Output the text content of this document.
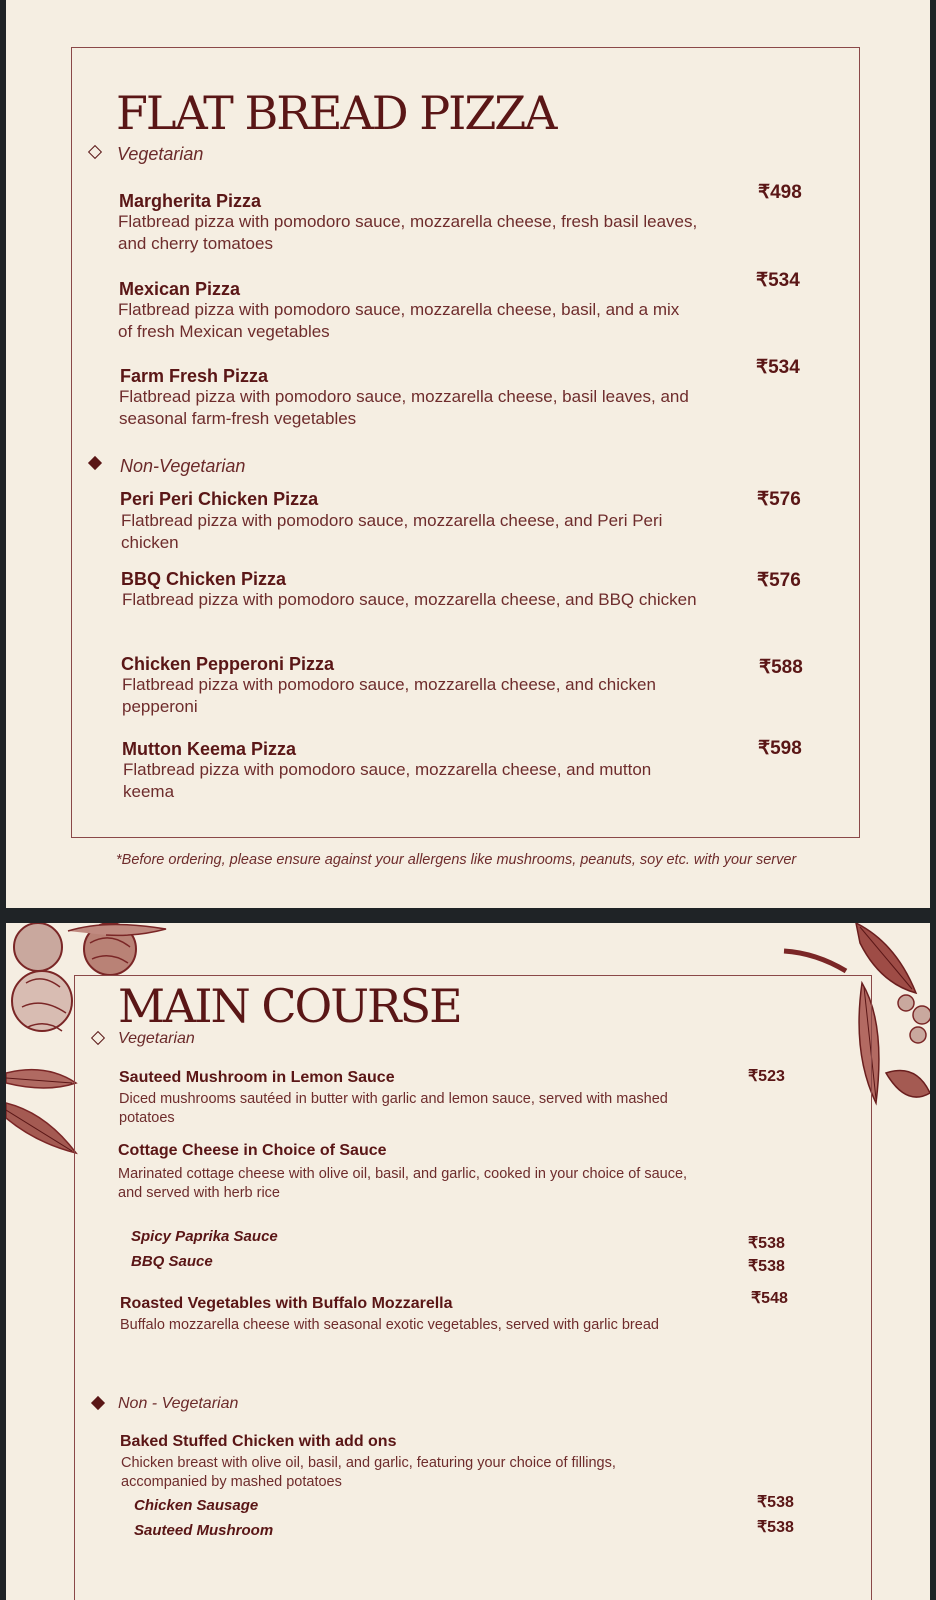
FLAT BREAD PIZZA
Vegetarian
Margherita Pizza
Flatbread pizza with pomodoro sauce, mozzarella cheese, fresh basil leaves, and cherry tomatoes
₹498
Mexican Pizza
Flatbread pizza with pomodoro sauce, mozzarella cheese, basil, and a mix of fresh Mexican vegetables
₹534
Farm Fresh Pizza
Flatbread pizza with pomodoro sauce, mozzarella cheese, basil leaves, and seasonal farm-fresh vegetables
₹534
Non-Vegetarian
Peri Peri Chicken Pizza
Flatbread pizza with pomodoro sauce, mozzarella cheese, and Peri Peri chicken
₹576
BBQ Chicken Pizza
Flatbread pizza with pomodoro sauce, mozzarella cheese, and BBQ chicken
₹576
Chicken Pepperoni Pizza
Flatbread pizza with pomodoro sauce, mozzarella cheese, and chicken pepperoni
₹588
Mutton Keema Pizza
Flatbread pizza with pomodoro sauce, mozzarella cheese, and mutton keema
₹598
*Before ordering, please ensure against your allergens like mushrooms, peanuts, soy etc. with your server
MAIN COURSE
Vegetarian
Sauteed Mushroom in Lemon Sauce
Diced mushrooms sautéed in butter with garlic and lemon sauce, served with mashed potatoes
₹523
Cottage Cheese in Choice of Sauce
Marinated cottage cheese with olive oil, basil, and garlic, cooked in your choice of sauce, and served with herb rice
Spicy Paprika Sauce	₹538
BBQ Sauce	₹538
Roasted Vegetables with Buffalo Mozzarella
Buffalo mozzarella cheese with seasonal exotic vegetables, served with garlic bread
₹548
Non - Vegetarian
Baked Stuffed Chicken with add ons
Chicken breast with olive oil, basil, and garlic, featuring your choice of fillings, accompanied by mashed potatoes
Chicken Sausage	₹538
Sauteed Mushroom	₹538
